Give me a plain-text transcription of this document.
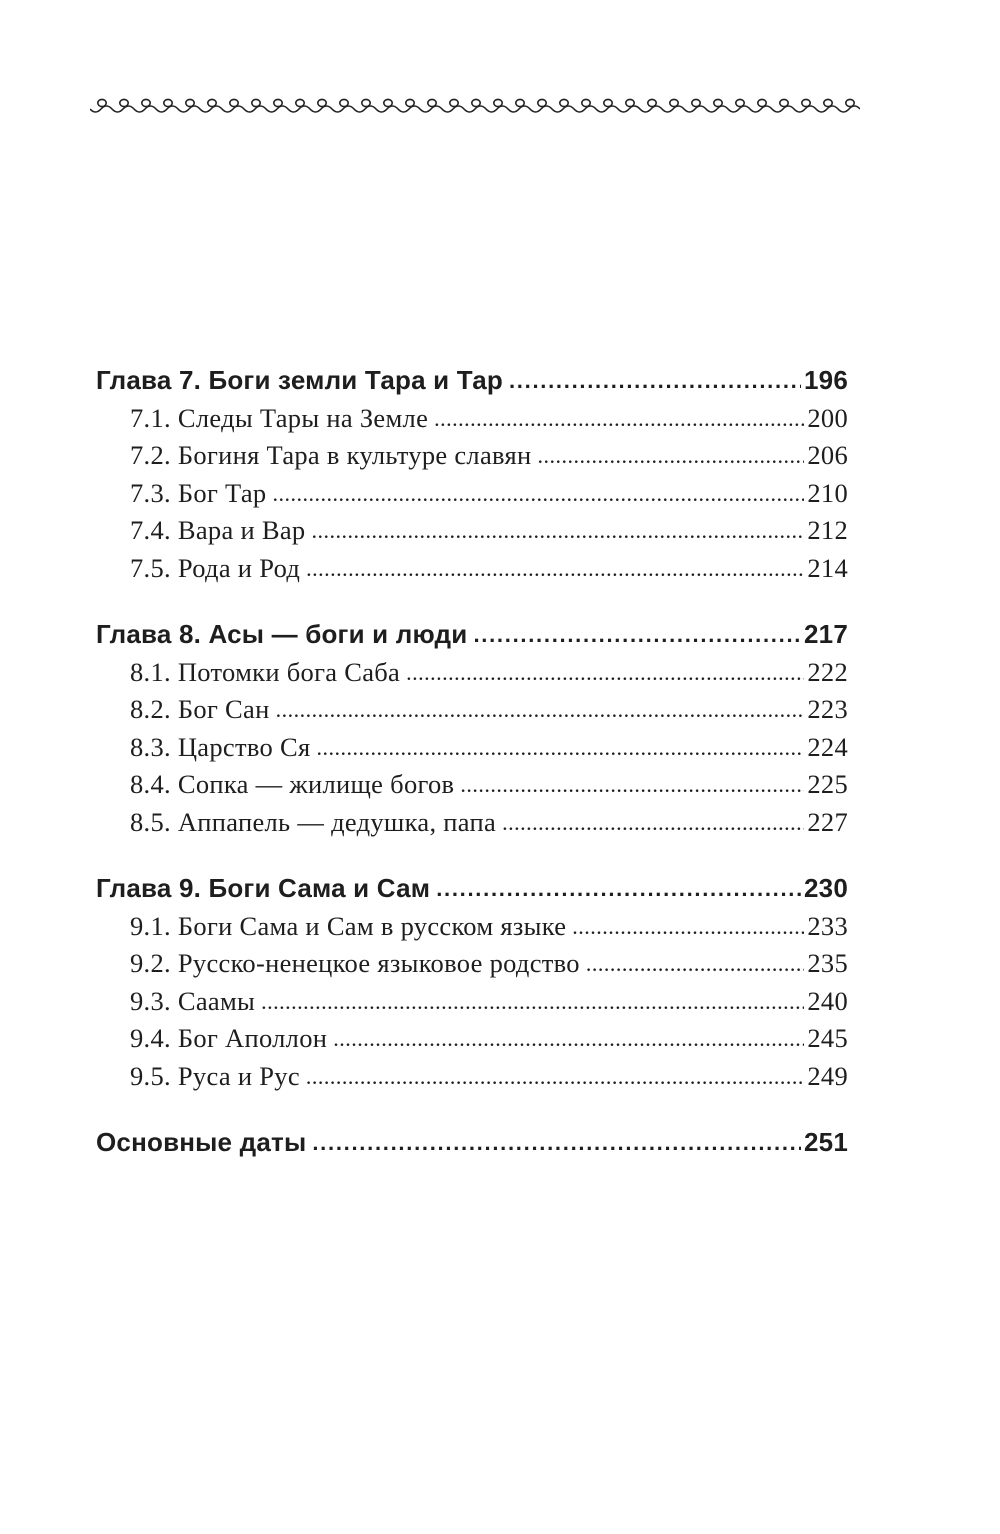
Глава 7. Боги земли Тара и Тар . . .	196
7.1. Следы Тары на Земле . . .	200
7.2. Богиня Тара в культуре славян . . .	206
7.3. Бог Тар . . .	210
7.4. Вара и Вар . . .	212
7.5. Рода и Род . . .	214
Глава 8. Асы — боги и люди . . .	217
8.1. Потомки бога Саба . . .	222
8.2. Бог Сан . . .	223
8.3. Царство Ся . . .	224
8.4. Сопка — жилище богов . . .	225
8.5. Аппапель — дедушка, папа . . .	227
Глава 9. Боги Сама и Сам . . .	230
9.1. Боги Сама и Сам в русском языке . . .	233
9.2. Русско-ненецкое языковое родство . . .	235
9.3. Саамы . . .	240
9.4. Бог Аполлон . . .	245
9.5. Руса и Рус . . .	249
Основные даты . . .	251
